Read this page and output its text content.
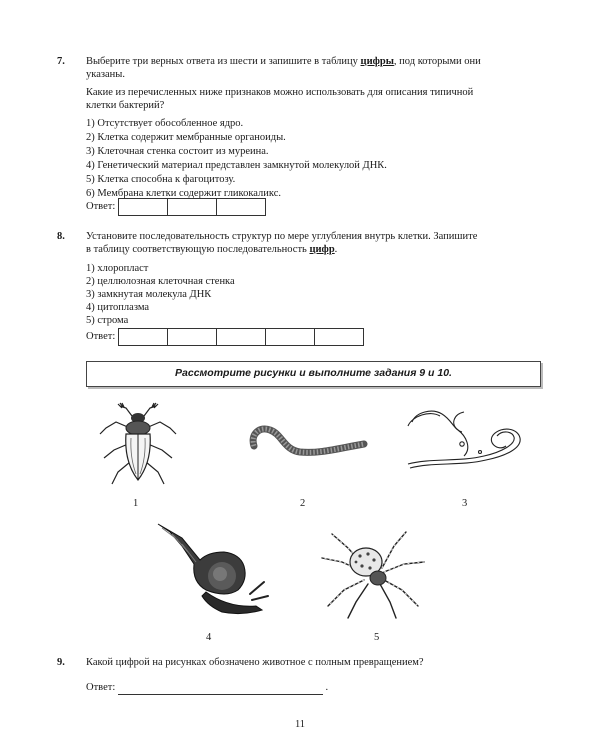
7. Выберите три верных ответа из шести и запишите в таблицу цифры, под которыми они
указаны.
Какие из перечисленных ниже признаков можно использовать для описания типичной
клетки бактерий?
1) Отсутствует обособленное ядро.
2) Клетка содержит мембранные органоиды.
3) Клеточная стенка состоит из муреина.
4) Генетический материал представлен замкнутой молекулой ДНК.
5) Клетка способна к фагоцитозу.
6) Мембрана клетки содержит гликокаликс.
Ответ:
8. Установите последовательность структур по мере углубления внутрь клетки. Запишите
в таблицу соответствующую последовательность цифр.
1) хлоропласт
2) целлюлозная клеточная стенка
3) замкнутая молекула ДНК
4) цитоплазма
5) строма
Ответ:
Рассмотрите рисунки и выполните задания 9 и 10.
1	2	3
4	5
9. Какой цифрой на рисунках обозначено животное с полным превращением?
Ответ:	.
11
